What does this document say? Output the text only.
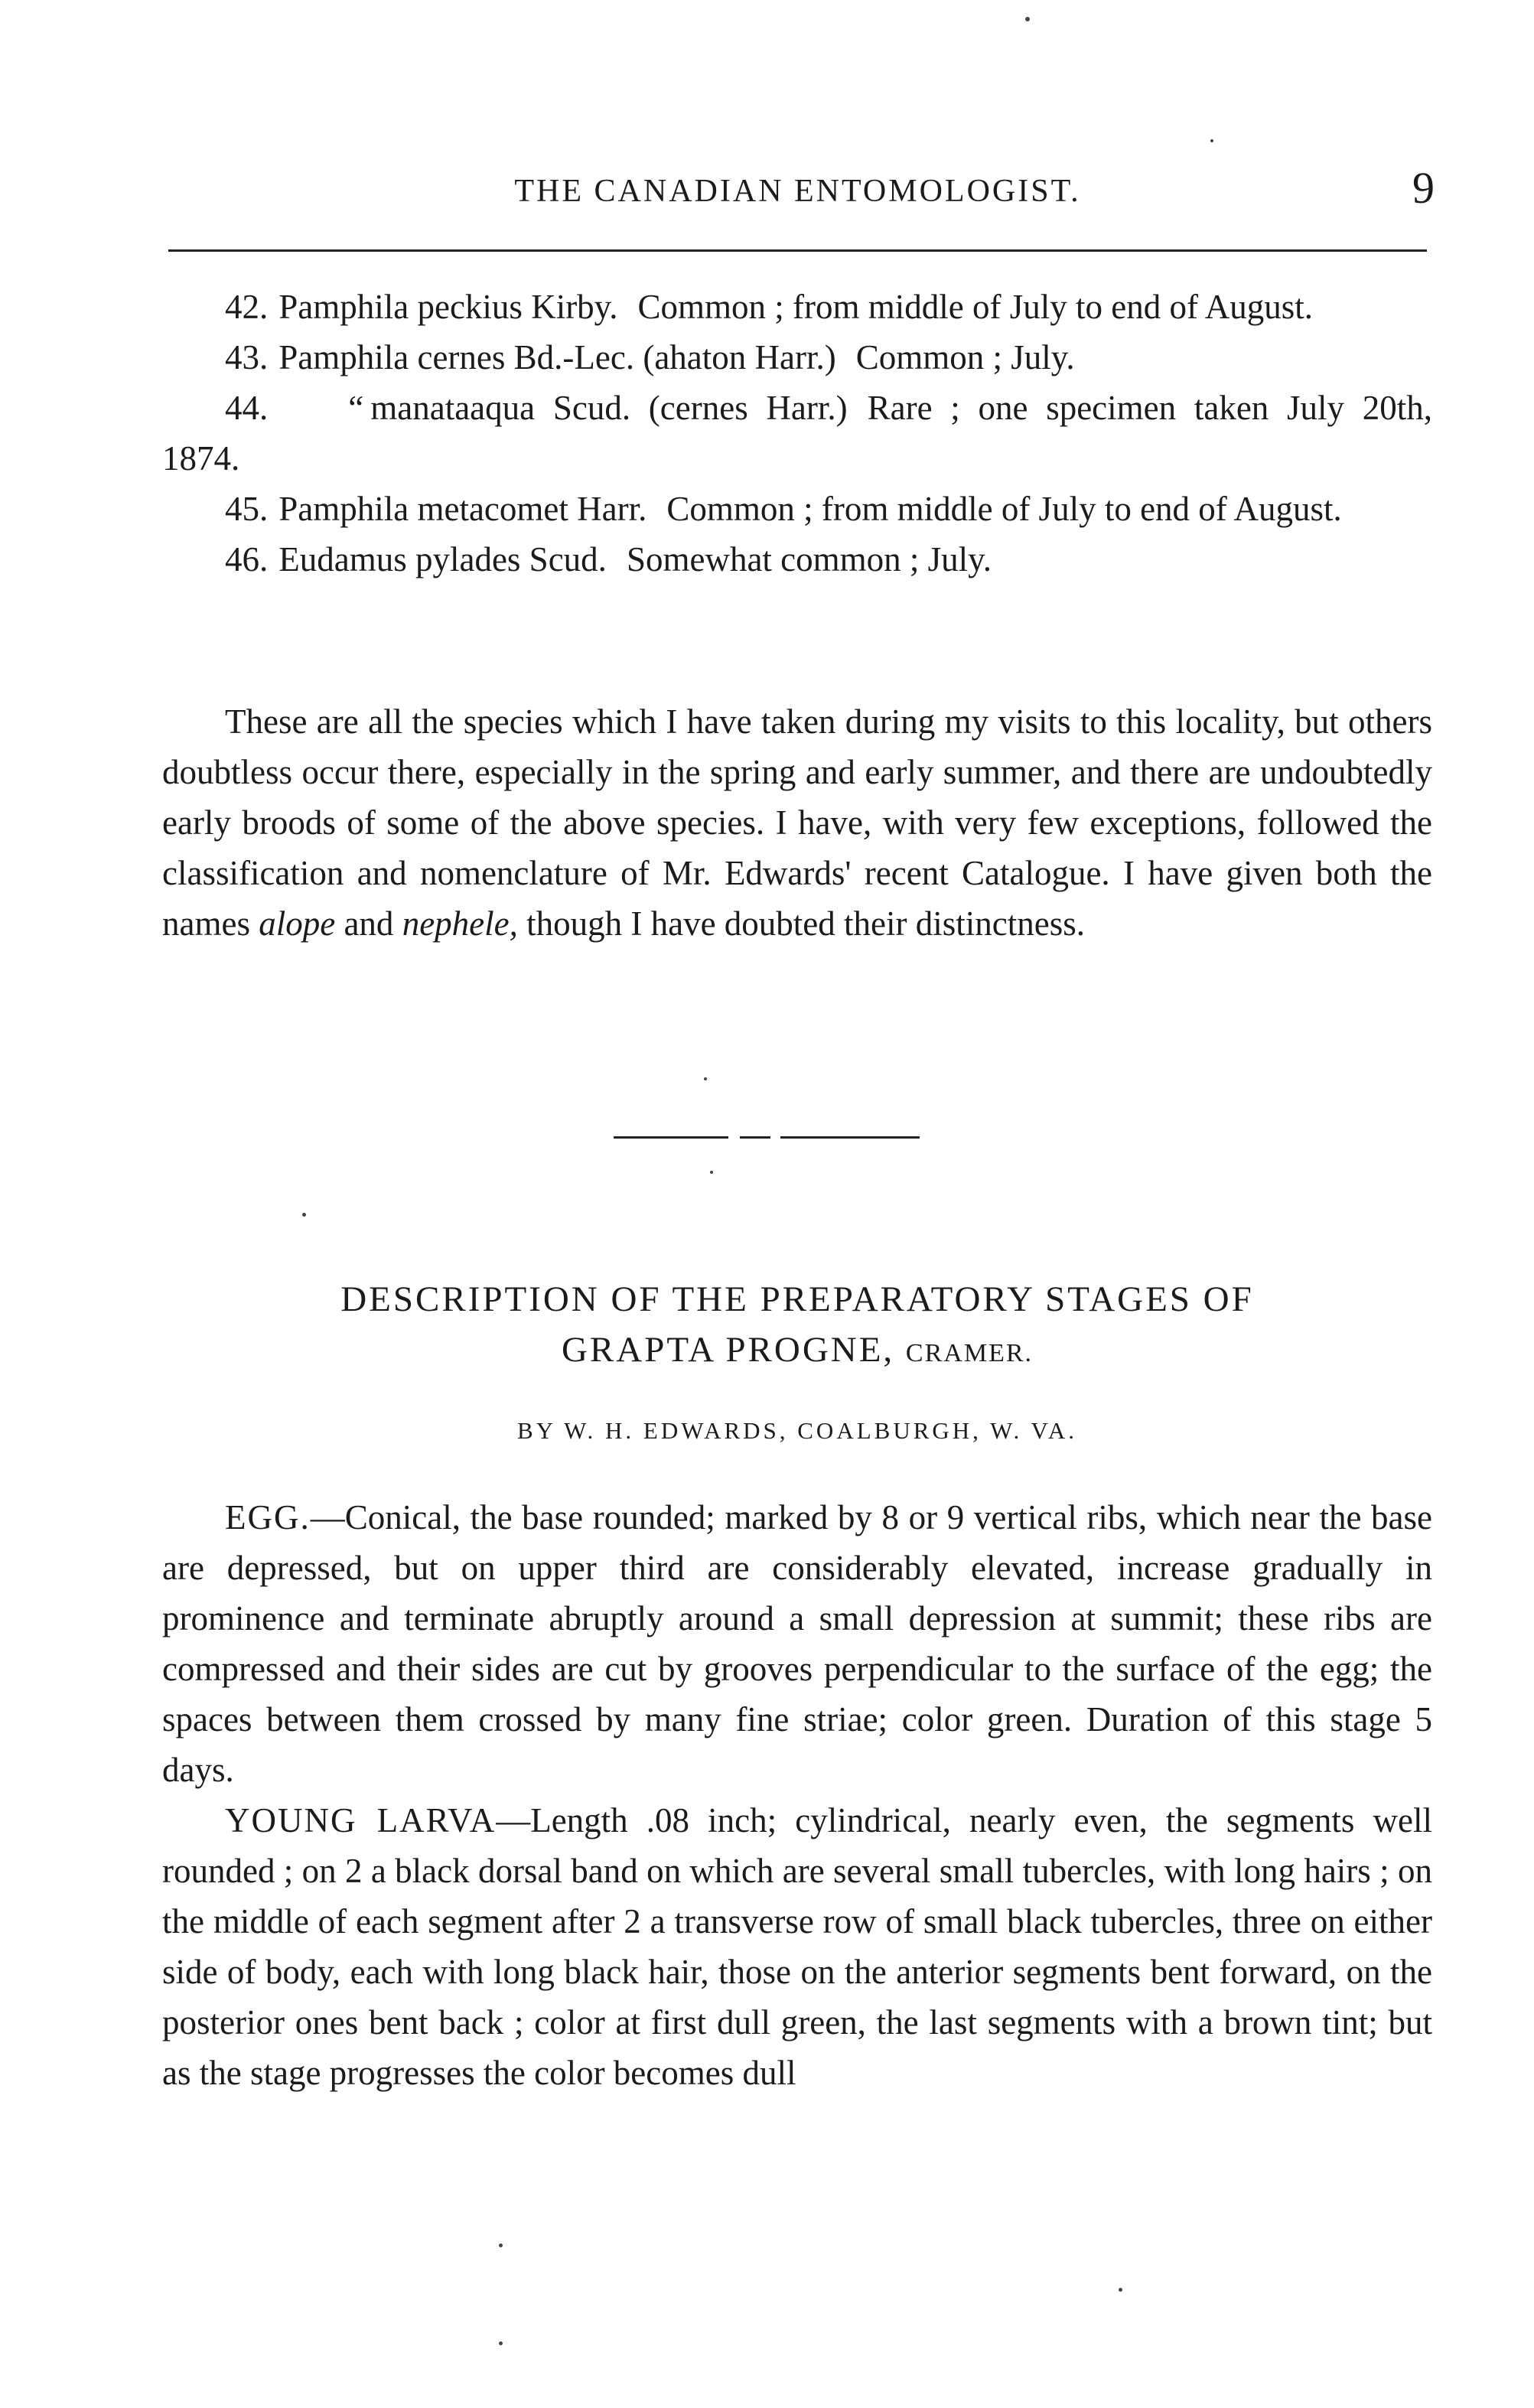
THE CANADIAN ENTOMOLOGIST.	9

42. Pamphila peckius Kirby. Common ; from middle of July to end of August.

43. Pamphila cernes Bd.-Lec. (ahaton Harr.) Common ; July.

44. “ manataaqua Scud. (cernes Harr.) Rare ; one specimen taken July 20th, 1874.

45. Pamphila metacomet Harr. Common ; from middle of July to end of August.

46. Eudamus pylades Scud. Somewhat common ; July.

These are all the species which I have taken during my visits to this locality, but others doubtless occur there, especially in the spring and early summer, and there are undoubtedly early broods of some of the above species. I have, with very few exceptions, followed the classification and nomenclature of Mr. Edwards' recent Catalogue. I have given both the names alope and nephele, though I have doubted their distinctness.

DESCRIPTION OF THE PREPARATORY STAGES OF
GRAPTA PROGNE, CRAMER.
BY W. H. EDWARDS, COALBURGH, W. VA.

EGG.—Conical, the base rounded; marked by 8 or 9 vertical ribs, which near the base are depressed, but on upper third are considerably elevated, increase gradually in prominence and terminate abruptly around a small depression at summit; these ribs are compressed and their sides are cut by grooves perpendicular to the surface of the egg; the spaces between them crossed by many fine striae; color green. Duration of this stage 5 days.

YOUNG LARVA—Length .08 inch; cylindrical, nearly even, the segments well rounded ; on 2 a black dorsal band on which are several small tubercles, with long hairs ; on the middle of each segment after 2 a transverse row of small black tubercles, three on either side of body, each with long black hair, those on the anterior segments bent forward, on the posterior ones bent back ; color at first dull green, the last segments with a brown tint; but as the stage progresses the color becomes dull
